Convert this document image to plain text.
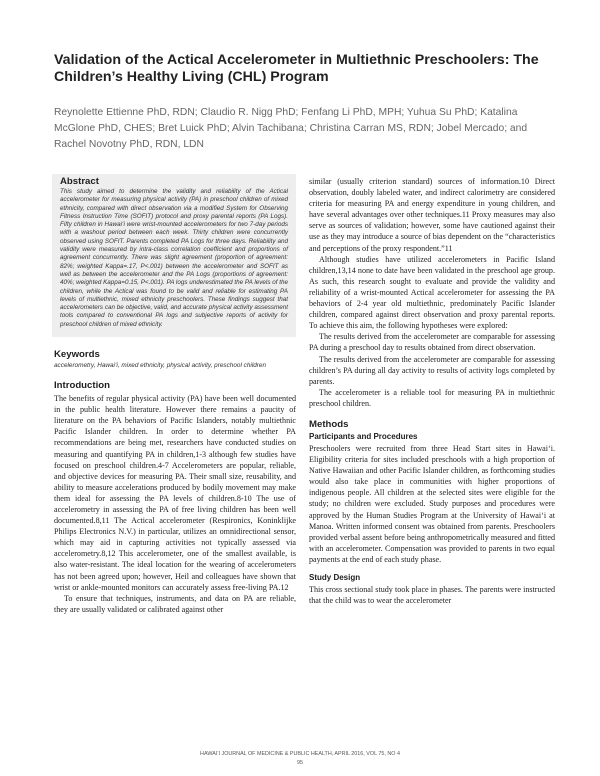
Validation of the Actical Accelerometer in Multiethnic Preschoolers: The Children’s Healthy Living (CHL) Program
Reynolette Ettienne PhD, RDN; Claudio R. Nigg PhD; Fenfang Li PhD, MPH; Yuhua Su PhD; Katalina McGlone PhD, CHES; Bret Luick PhD; Alvin Tachibana; Christina Carran MS, RDN; Jobel Mercado; and Rachel Novotny PhD, RDN, LDN
Abstract

This study aimed to determine the validity and reliability of the Actical accelerometer for measuring physical activity (PA) in preschool children of mixed ethnicity, compared with direct observation via a modified System for Observing Fitness Instruction Time (SOFIT) protocol and proxy parental reports (PA Logs). Fifty children in Hawai‘i were wrist-mounted accelerometers for two 7-day periods with a washout period between each week. Thirty children were concurrently observed using SOFIT. Parents completed PA Logs for three days. Reliability and validity were measured by intra-class correlation coefficient and proportions of agreement concurrently. There was slight agreement (proportion of agreement: 82%; weighted Kappa=.17, P<.001) between the accelerometer and SOFIT as well as between the accelerometer and the PA Logs (proportions of agreement: 40%; weighted Kappa=0.15, P<.001). PA logs underestimated the PA levels of the children, while the Actical was found to be valid and reliable for estimating PA levels of multiethnic, mixed ethnicity preschoolers. These findings suggest that accelerometers can be objective, valid, and accurate physical activity assessment tools compared to conventional PA logs and subjective reports of activity for preschool children of mixed ethnicity.

Keywords

accelerometry, Hawai‘i, mixed ethnicity, physical activity, preschool children

Introduction

The benefits of regular physical activity (PA) have been well documented in the public health literature. However there remains a paucity of literature on the PA behaviors of Pacific Islanders, notably multiethnic Pacific Islander children. In order to determine whether PA recommendations are being met, researchers have conducted studies on measuring and quantifying PA in children,1-3 although few studies have focused on preschool children.4-7 Accelerometers are popular, reliable, and objective devices for measuring PA. Their small size, reusability, and ability to measure accelerations produced by bodily movement may make them ideal for assessing the PA levels of children.8-10 The use of accelerometry in assessing the PA of free living children has been well documented.8,11 The Actical accelerometer (Respironics, Koninklijke Philips Electronics N.V.) in particular, utilizes an omnidirectional sensor, which may aid in capturing activities not typically assessed via accelerometry.8,12 This accelerometer, one of the smallest available, is also water-resistant. The ideal location for the wearing of accelerometers has not been agreed upon; however, Heil and colleagues have shown that wrist or ankle-mounted monitors can accurately assess free-living PA.12

To ensure that techniques, instruments, and data on PA are reliable, they are usually validated or calibrated against other

similar (usually criterion standard) sources of information.10 Direct observation, doubly labeled water, and indirect calorimetry are considered criteria for measuring PA and energy expenditure in young children, and have several advantages over other techniques.11 Proxy measures may also serve as sources of validation; however, some have cautioned against their use as they may introduce a source of bias dependent on the “characteristics and perceptions of the proxy respondent.”11

Although studies have utilized accelerometers in Pacific Island children,13,14 none to date have been validated in the preschool age group. As such, this research sought to evaluate and provide the validity and reliability of a wrist-mounted Actical accelerometer for assessing the PA behaviors of 2-4 year old multiethnic, predominately Pacific Islander children, compared against direct observation and proxy parental reports. To achieve this aim, the following hypotheses were explored:

The results derived from the accelerometer are comparable for assessing PA during a preschool day to results obtained from direct observation.

The results derived from the accelerometer are comparable for assessing children’s PA during all day activity to results of activity logs completed by parents.

The accelerometer is a reliable tool for measuring PA in multiethnic preschool children.

Methods
Participants and Procedures

Preschoolers were recruited from three Head Start sites in Hawai‘i. Eligibility criteria for sites included preschools with a high proportion of Native Hawaiian and other Pacific Islander children, as forthcoming studies would also take place in communities with higher proportions of indigenous people. All children at the selected sites were eligible for the study; no children were excluded. Study purposes and procedures were approved by the Human Studies Program at the University of Hawai‘i at Manoa. Written informed consent was obtained from parents. Preschoolers provided verbal assent before being anthropometrically measured and fitted with an accelerometer. Compensation was provided to parents in two equal payments at the end of each study phase.

Study Design

This cross sectional study took place in phases. The parents were instructed that the child was to wear the accelerometer

HAWAI‘I JOURNAL OF MEDICINE & PUBLIC HEALTH, APRIL 2016, VOL 75, NO 4
95
